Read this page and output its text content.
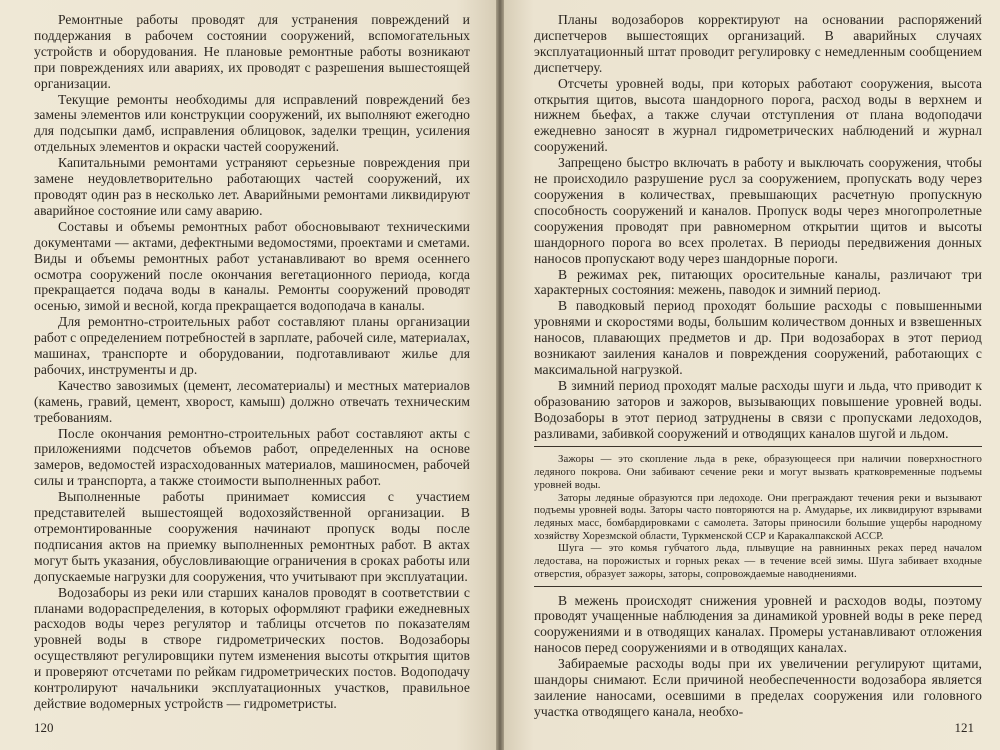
Ремонтные работы проводят для устранения повреждений и поддержания в рабочем состоянии сооружений, вспомогательных устройств и оборудования. Не плановые ремонтные работы возникают при повреждениях или авариях, их проводят с разрешения вышестоящей организации.

Текущие ремонты необходимы для исправлений повреждений без замены элементов или конструкции сооружений, их выполняют ежегодно для подсыпки дамб, исправления облицовок, заделки трещин, усиления отдельных элементов и окраски частей сооружений.

Капитальными ремонтами устраняют серьезные повреждения при замене неудовлетворительно работающих частей сооружений, их проводят один раз в несколько лет. Аварийными ремонтами ликвидируют аварийное состояние или саму аварию.

Составы и объемы ремонтных работ обосновывают техническими документами — актами, дефектными ведомостями, проектами и сметами. Виды и объемы ремонтных работ устанавливают во время осеннего осмотра сооружений после окончания вегетационного периода, когда прекращается подача воды в каналы. Ремонты сооружений проводят осенью, зимой и весной, когда прекращается водоподача в каналы.

Для ремонтно-строительных работ составляют планы организации работ с определением потребностей в зарплате, рабочей силе, материалах, машинах, транспорте и оборудовании, подготавливают жилье для рабочих, инструменты и др.

Качество завозимых (цемент, лесоматериалы) и местных материалов (камень, гравий, цемент, хворост, камыш) должно отвечать техническим требованиям.

После окончания ремонтно-строительных работ составляют акты с приложениями подсчетов объемов работ, определенных на основе замеров, ведомостей израсходованных материалов, машиносмен, рабочей силы и транспорта, а также стоимости выполненных работ.

Выполненные работы принимает комиссия с участием представителей вышестоящей водохозяйственной организации. В отремонтированные сооружения начинают пропуск воды после подписания актов на приемку выполненных ремонтных работ. В актах могут быть указания, обусловливающие ограничения в сроках работы или допускаемые нагрузки для сооружения, что учитывают при эксплуатации.

Водозаборы из реки или старших каналов проводят в соответствии с планами водораспределения, в которых оформляют графики ежедневных расходов воды через регулятор и таблицы отсчетов по показателям уровней воды в створе гидрометрических постов. Водозаборы осуществляют регулировщики путем изменения высоты открытия щитов и проверяют отсчетами по рейкам гидрометрических постов. Водоподачу контролируют начальники эксплуатационных участков, правильное действие водомерных устройств — гидрометристы.

120

Планы водозаборов корректируют на основании распоряжений диспетчеров вышестоящих организаций. В аварийных случаях эксплуатационный штат проводит регулировку с немедленным сообщением диспетчеру.

Отсчеты уровней воды, при которых работают сооружения, высота открытия щитов, высота шандорного порога, расход воды в верхнем и нижнем бьефах, а также случаи отступления от плана водоподачи ежедневно заносят в журнал гидрометрических наблюдений и журнал сооружений.

Запрещено быстро включать в работу и выключать сооружения, чтобы не происходило разрушение русл за сооружением, пропускать воду через сооружения в количествах, превышающих расчетную пропускную способность сооружений и каналов. Пропуск воды через многопролетные сооружения проводят при равномерном открытии щитов и высоты шандорного порога во всех пролетах. В периоды передвижения донных наносов пропускают воду через шандорные пороги.

В режимах рек, питающих оросительные каналы, различают три характерных состояния: межень, паводок и зимний период.

В паводковый период проходят большие расходы с повышенными уровнями и скоростями воды, большим количеством донных и взвешенных наносов, плавающих предметов и др. При водозаборах в этот период возникают заиления каналов и повреждения сооружений, работающих с максимальной нагрузкой.

В зимний период проходят малые расходы шуги и льда, что приводит к образованию заторов и зажоров, вызывающих повышение уровней воды. Водозаборы в этот период затруднены в связи с пропусками ледоходов, разливами, забивкой сооружений и отводящих каналов шугой и льдом.

Зажоры — это скопление льда в реке, образующееся при наличии поверхностного ледяного покрова. Они забивают сечение реки и могут вызвать кратковременные подъемы уровней воды.

Заторы ледяные образуются при ледоходе. Они преграждают течения реки и вызывают подъемы уровней воды. Заторы часто повторяются на р. Амударье, их ликвидируют взрывами ледяных масс, бомбардировками с самолета. Заторы приносили большие ущербы народному хозяйству Хорезмской области, Туркменской ССР и Каракалпакской АССР.

Шуга — это комья губчатого льда, плывущие на равнинных реках перед началом ледостава, на порожистых и горных реках — в течение всей зимы. Шуга забивает входные отверстия, образует зажоры, заторы, сопровождаемые наводнениями.

В межень происходят снижения уровней и расходов воды, поэтому проводят учащенные наблюдения за динамикой уровней воды в реке перед сооружениями и в отводящих каналах. Промеры устанавливают отложения наносов перед сооружениями и в отводящих каналах.

Забираемые расходы воды при их увеличении регулируют щитами, шандоры снимают. Если причиной необеспеченности водозабора является заиление наносами, осевшими в пределах сооружения или головного участка отводящего канала, необхо-

121
